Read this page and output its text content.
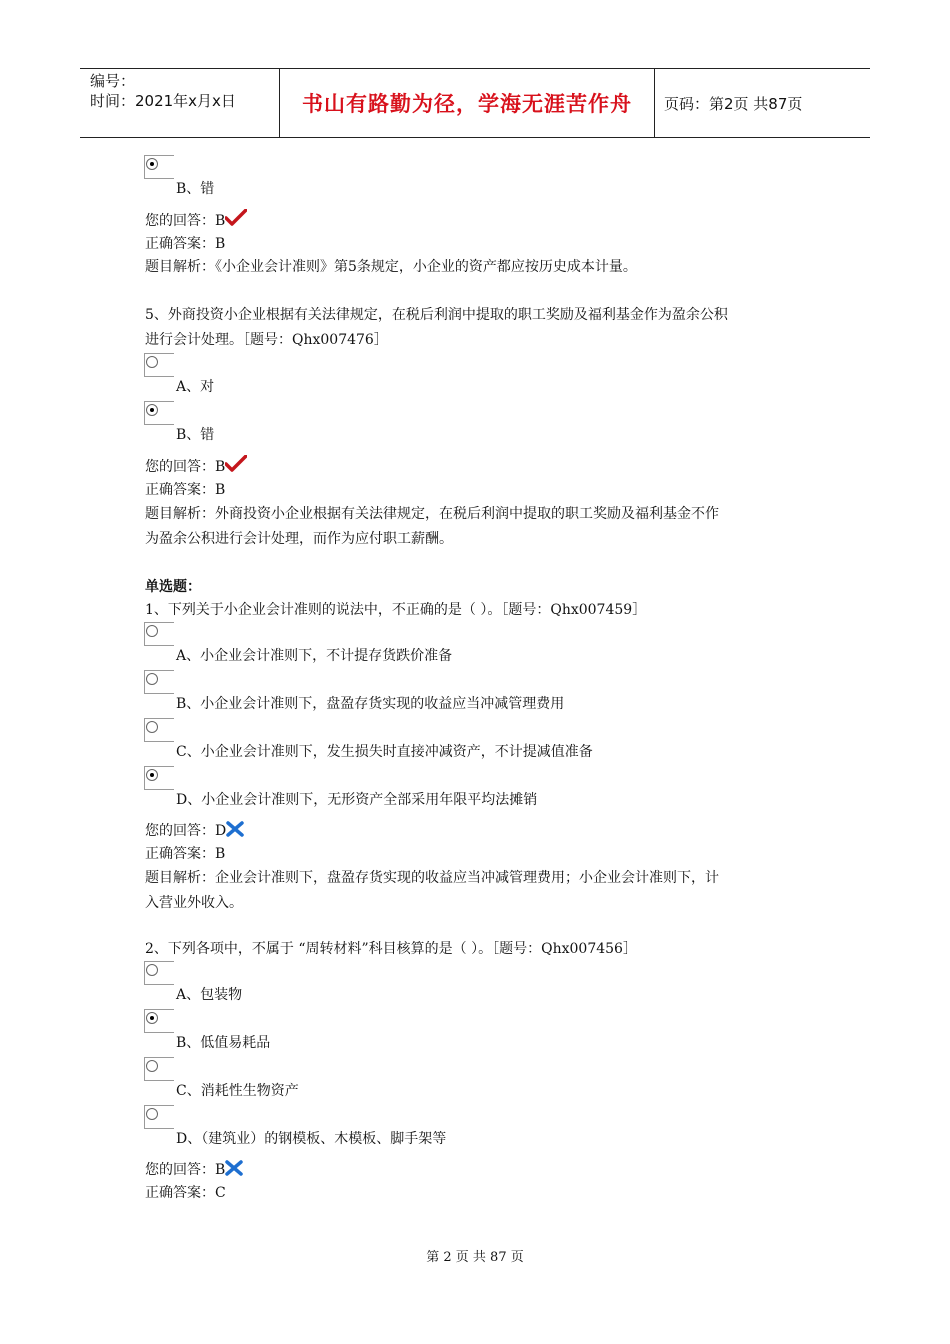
编号：
时间：2021年x月x日	书山有路勤为径，学海无涯苦作舟	页码：第2页 共87页
B、错
您的回答：B
正确答案：B
题目解析：《小企业会计准则》第5条规定，小企业的资产都应按历史成本计量。
5、外商投资小企业根据有关法律规定，在税后利润中提取的职工奖励及福利基金作为盈余公积
进行会计处理。［题号：Qhx007476］
A、对
B、错
您的回答：B
正确答案：B
题目解析：外商投资小企业根据有关法律规定，在税后利润中提取的职工奖励及福利基金不作
为盈余公积进行会计处理，而作为应付职工薪酬。
单选题：
1、下列关于小企业会计准则的说法中，不正确的是（ ）。［题号：Qhx007459］
A、小企业会计准则下，不计提存货跌价准备
B、小企业会计准则下，盘盈存货实现的收益应当冲减管理费用
C、小企业会计准则下，发生损失时直接冲减资产，不计提减值准备
D、小企业会计准则下，无形资产全部采用年限平均法摊销
您的回答：D
正确答案：B
题目解析：企业会计准则下，盘盈存货实现的收益应当冲减管理费用；小企业会计准则下，计
入营业外收入。
2、下列各项中，不属于 “周转材料”科目核算的是（ ）。［题号：Qhx007456］
A、包装物
B、低值易耗品
C、消耗性生物资产
D、（建筑业）的钢模板、木模板、脚手架等
您的回答：B
正确答案：C
第 2 页 共 87 页
